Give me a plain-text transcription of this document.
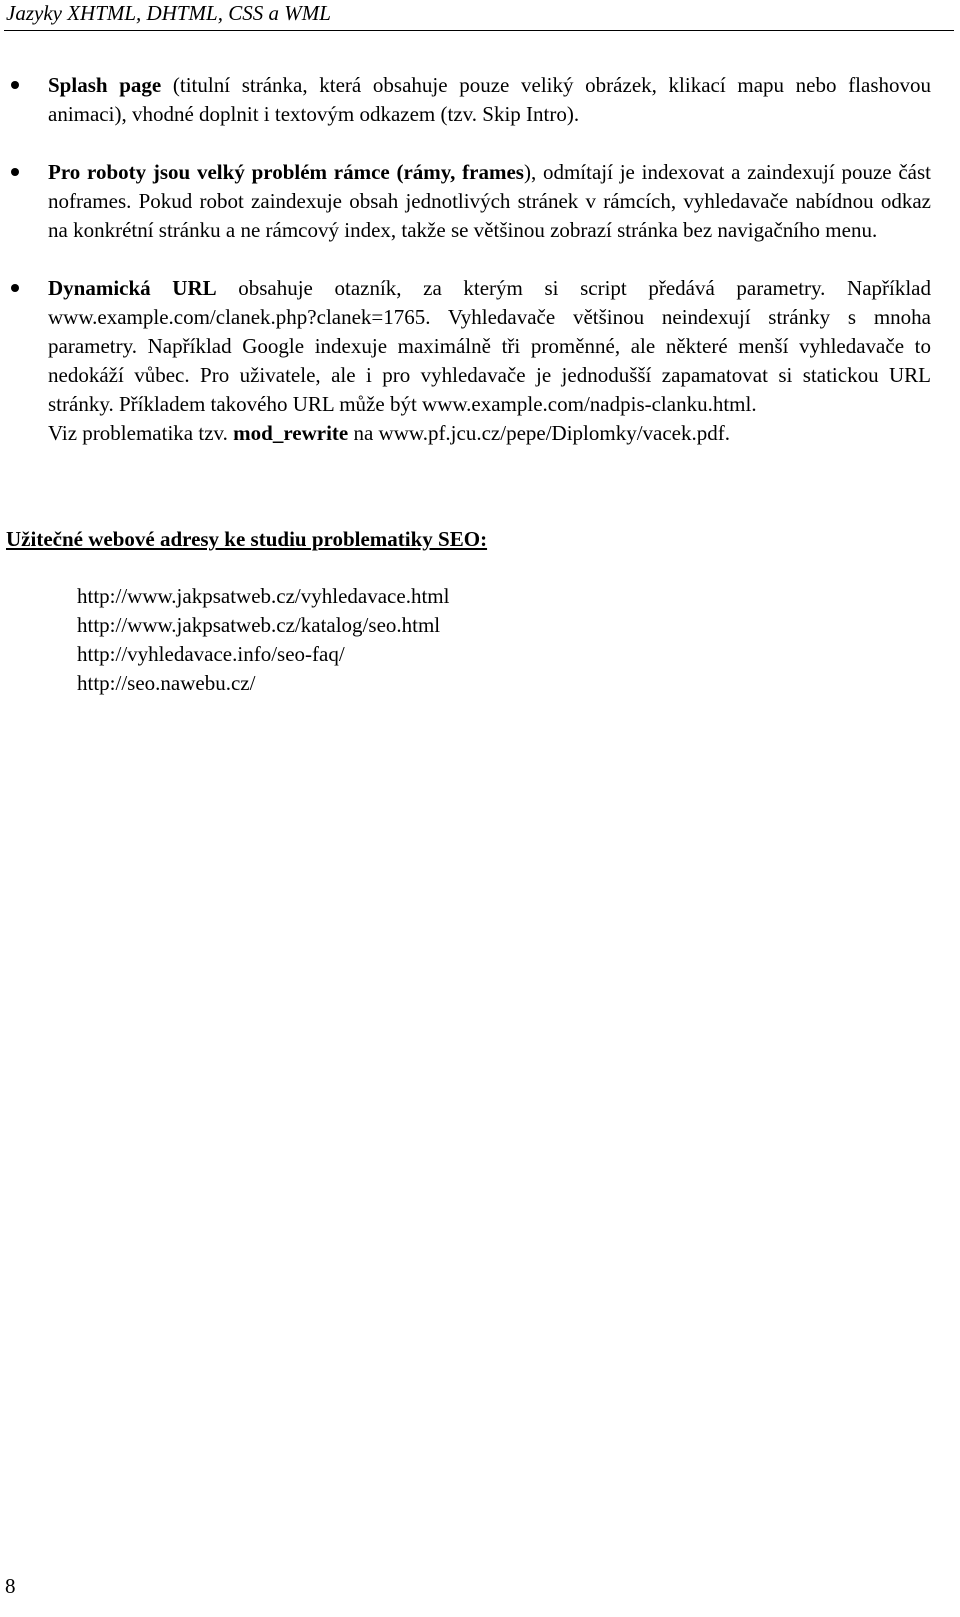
Jazyky XHTML, DHTML, CSS a WML
Splash page (titulní stránka, která obsahuje pouze veliký obrázek, klikací mapu nebo flashovou animaci), vhodné doplnit i textovým odkazem (tzv. Skip Intro).
Pro roboty jsou velký problém rámce (rámy, frames), odmítají je indexovat a zaindexují pouze část noframes. Pokud robot zaindexuje obsah jednotlivých stránek v rámcích, vyhledavače nabídnou odkaz na konkrétní stránku a ne rámcový index, takže se většinou zobrazí stránka bez navigačního menu.
Dynamická URL obsahuje otazník, za kterým si script předává parametry. Například www.example.com/clanek.php?clanek=1765. Vyhledavače většinou neindexují stránky s mnoha parametry. Například Google indexuje maximálně tři proměnné, ale některé menší vyhledavače to nedokáží vůbec. Pro uživatele, ale i pro vyhledavače je jednodušší zapamatovat si statickou URL stránky. Příkladem takového URL může být www.example.com/nadpis-clanku.html.
Viz problematika tzv. mod_rewrite na www.pf.jcu.cz/pepe/Diplomky/vacek.pdf.
Užitečné webové adresy ke studiu problematiky SEO:
http://www.jakpsatweb.cz/vyhledavace.html
http://www.jakpsatweb.cz/katalog/seo.html
http://vyhledavace.info/seo-faq/
http://seo.nawebu.cz/
8
